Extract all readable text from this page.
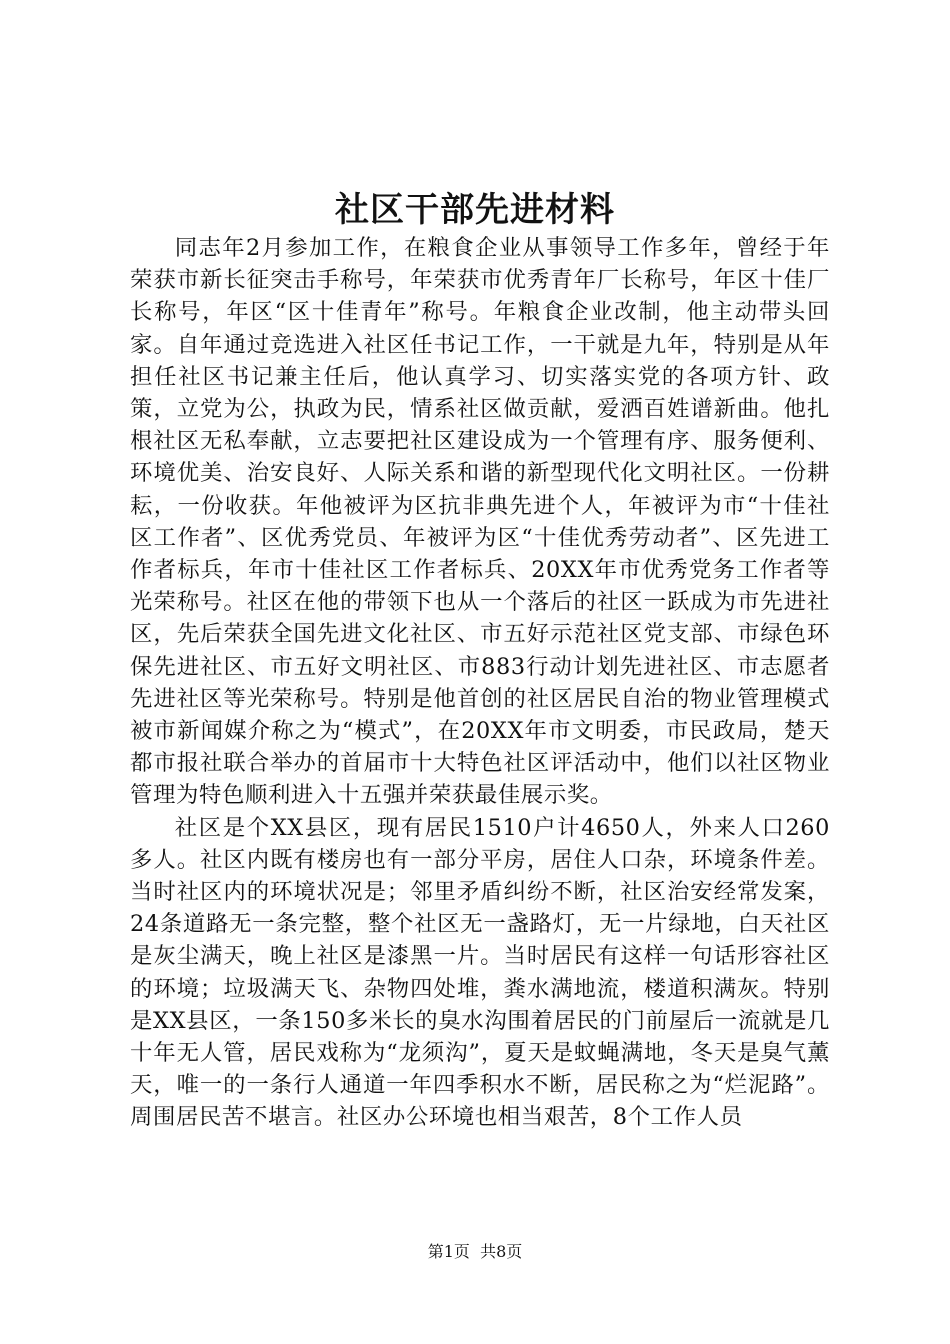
社区干部先进材料

同志年2月参加工作，在粮食企业从事领导工作多年，曾经于年荣获市新长征突击手称号，年荣获市优秀青年厂长称号，年区十佳厂长称号，年区“区十佳青年”称号。年粮食企业改制，他主动带头回家。自年通过竞选进入社区任书记工作，一干就是九年，特别是从年担任社区书记兼主任后，他认真学习、切实落实党的各项方针、政策，立党为公，执政为民，情系社区做贡献，爱洒百姓谱新曲。他扎根社区无私奉献，立志要把社区建设成为一个管理有序、服务便利、环境优美、治安良好、人际关系和谐的新型现代化文明社区。一份耕耘，一份收获。年他被评为区抗非典先进个人，年被评为市“十佳社区工作者”、区优秀党员、年被评为区“十佳优秀劳动者”、区先进工作者标兵，年市十佳社区工作者标兵、20XX年市优秀党务工作者等光荣称号。社区在他的带领下也从一个落后的社区一跃成为市先进社区，先后荣获全国先进文化社区、市五好示范社区党支部、市绿色环保先进社区、市五好文明社区、市883行动计划先进社区、市志愿者先进社区等光荣称号。特别是他首创的社区居民自治的物业管理模式被市新闻媒介称之为“模式”，在20XX年市文明委，市民政局，楚天都市报社联合举办的首届市十大特色社区评活动中，他们以社区物业管理为特色顺利进入十五强并荣获最佳展示奖。

社区是个XX县区，现有居民1510户计4650人，外来人口260多人。社区内既有楼房也有一部分平房，居住人口杂，环境条件差。当时社区内的环境状况是；邻里矛盾纠纷不断，社区治安经常发案，24条道路无一条完整，整个社区无一盏路灯，无一片绿地，白天社区是灰尘满天，晚上社区是漆黑一片。当时居民有这样一句话形容社区的环境；垃圾满天飞、杂物四处堆，粪水满地流，楼道积满灰。特别是XX县区，一条150多米长的臭水沟围着居民的门前屋后一流就是几十年无人管，居民戏称为“龙须沟”，夏天是蚊蝇满地，冬天是臭气薰天，唯一的一条行人通道一年四季积水不断，居民称之为“烂泥路”。周围居民苦不堪言。社区办公环境也相当艰苦，8个工作人员

第1页 共8页
